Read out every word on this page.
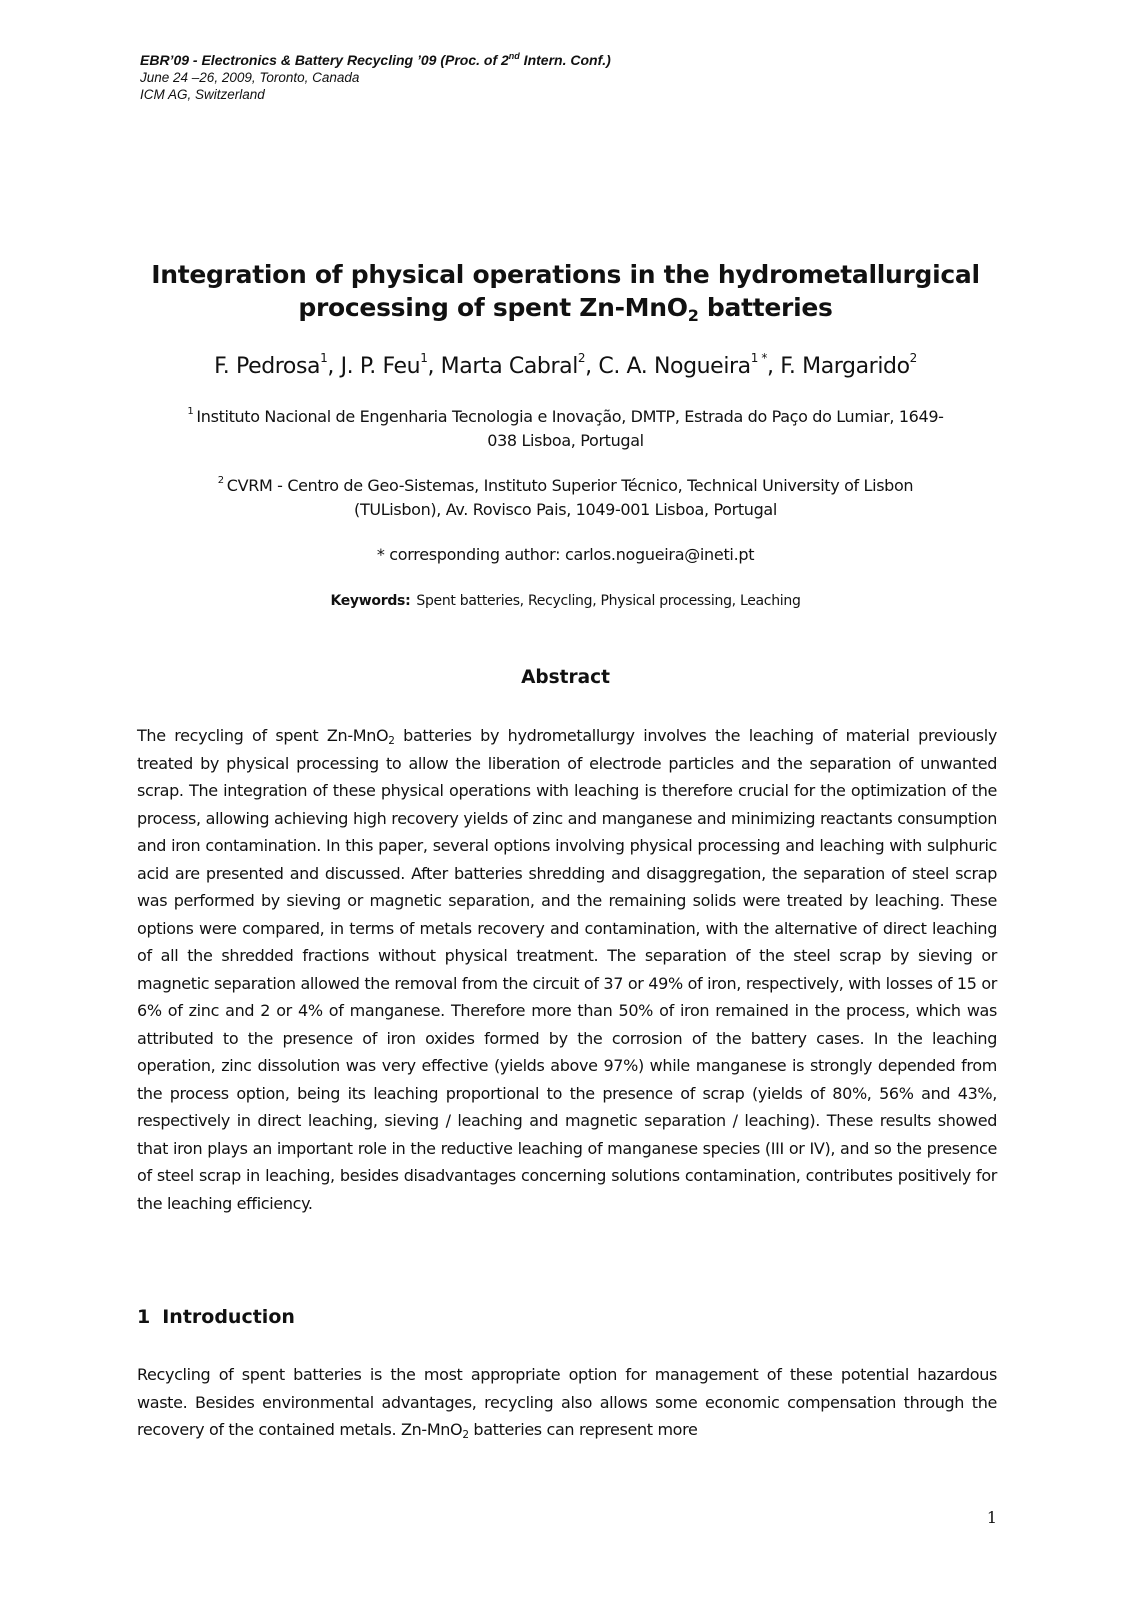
EBR’09 - Electronics & Battery Recycling ’09 (Proc. of 2nd Intern. Conf.)
June 24 –26, 2009, Toronto, Canada
ICM AG, Switzerland
Integration of physical operations in the hydrometallurgical
processing of spent Zn-MnO$_2$ batteries
F. Pedrosa$^1$, J. P. Feu$^1$, Marta Cabral$^2$, C. A. Nogueira$^{1 *}$, F. Margarido$^2$
$^1$ Instituto Nacional de Engenharia Tecnologia e Inovação, DMTP, Estrada do Paço do Lumiar, 1649-
038 Lisboa, Portugal
$^2$ CVRM - Centro de Geo-Sistemas, Instituto Superior Técnico, Technical University of Lisbon
(TULisbon), Av. Rovisco Pais, 1049-001 Lisboa, Portugal
* corresponding author: carlos.nogueira@ineti.pt
Keywords: Spent batteries, Recycling, Physical processing, Leaching
Abstract

The recycling of spent Zn-MnO$_2$ batteries by hydrometallurgy involves the leaching of material previously treated by physical processing to allow the liberation of electrode particles and the separation of unwanted scrap. The integration of these physical operations with leaching is therefore crucial for the optimization of the process, allowing achieving high recovery yields of zinc and manganese and minimizing reactants consumption and iron contamination. In this paper, several options involving physical processing and leaching with sulphuric acid are presented and discussed. After batteries shredding and disaggregation, the separation of steel scrap was performed by sieving or magnetic separation, and the remaining solids were treated by leaching. These options were compared, in terms of metals recovery and contamination, with the alternative of direct leaching of all the shredded fractions without physical treatment. The separation of the steel scrap by sieving or magnetic separation allowed the removal from the circuit of 37 or 49% of iron, respectively, with losses of 15 or 6% of zinc and 2 or 4% of manganese. Therefore more than 50% of iron remained in the process, which was attributed to the presence of iron oxides formed by the corrosion of the battery cases. In the leaching operation, zinc dissolution was very effective (yields above 97%) while manganese is strongly depended from the process option, being its leaching proportional to the presence of scrap (yields of 80%, 56% and 43%, respectively in direct leaching, sieving / leaching and magnetic separation / leaching). These results showed that iron plays an important role in the reductive leaching of manganese species (III or IV), and so the presence of steel scrap in leaching, besides disadvantages concerning solutions contamination, contributes positively for the leaching efficiency.

1 Introduction

Recycling of spent batteries is the most appropriate option for management of these potential hazardous waste. Besides environmental advantages, recycling also allows some economic compensation through the recovery of the contained metals. Zn-MnO$_2$ batteries can represent more

1
